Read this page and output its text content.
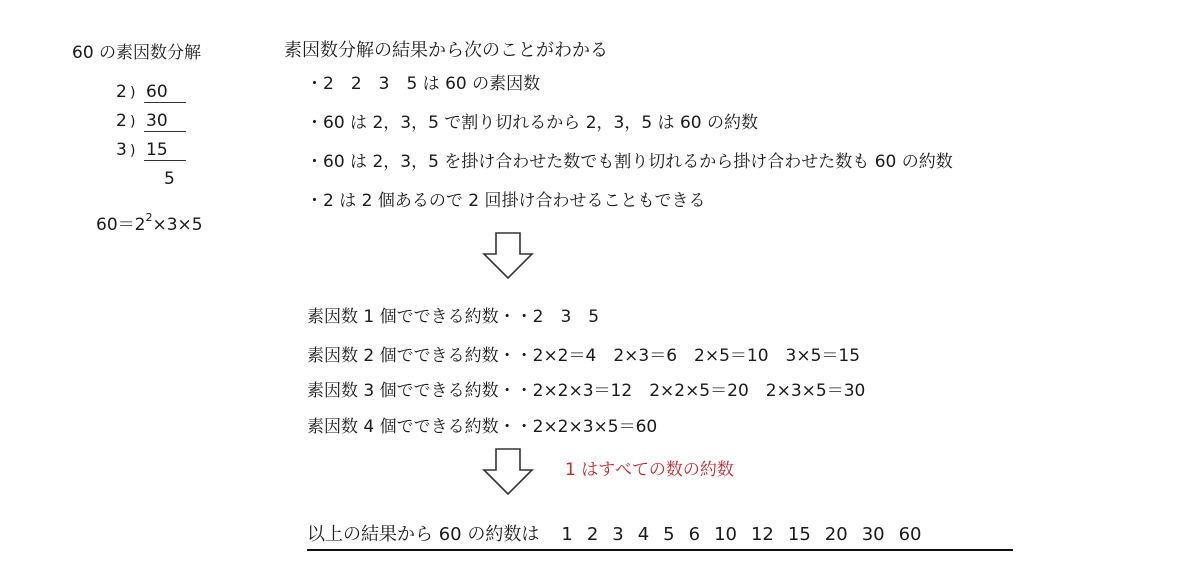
60 の素因数分解
2 ) 60
2 ) 30
3 ) 15
5
$60=2^2\times 3\times 5$
素因数分解の結果から次のことがわかる
・2　2　3　5 は 60 の素因数
・60 は 2，3，5 で割り切れるから 2，3，5 は 60 の約数
・60 は 2，3，5 を掛け合わせた数でも割り切れるから掛け合わせた数も 60 の約数
・2 は 2 個あるので 2 回掛け合わせることもできる
素因数 1 個でできる約数・・2　3　5
素因数 2 個でできる約数・・2×2＝4　2×3＝6　2×5＝10　3×5＝15
素因数 3 個でできる約数・・2×2×3＝12　2×2×5＝20　2×3×5＝30
素因数 4 個でできる約数・・2×2×3×5＝60
1 はすべての数の約数
以上の結果から 60 の約数は 1 2 3 4 5 6 10 12 15 20 30 60
